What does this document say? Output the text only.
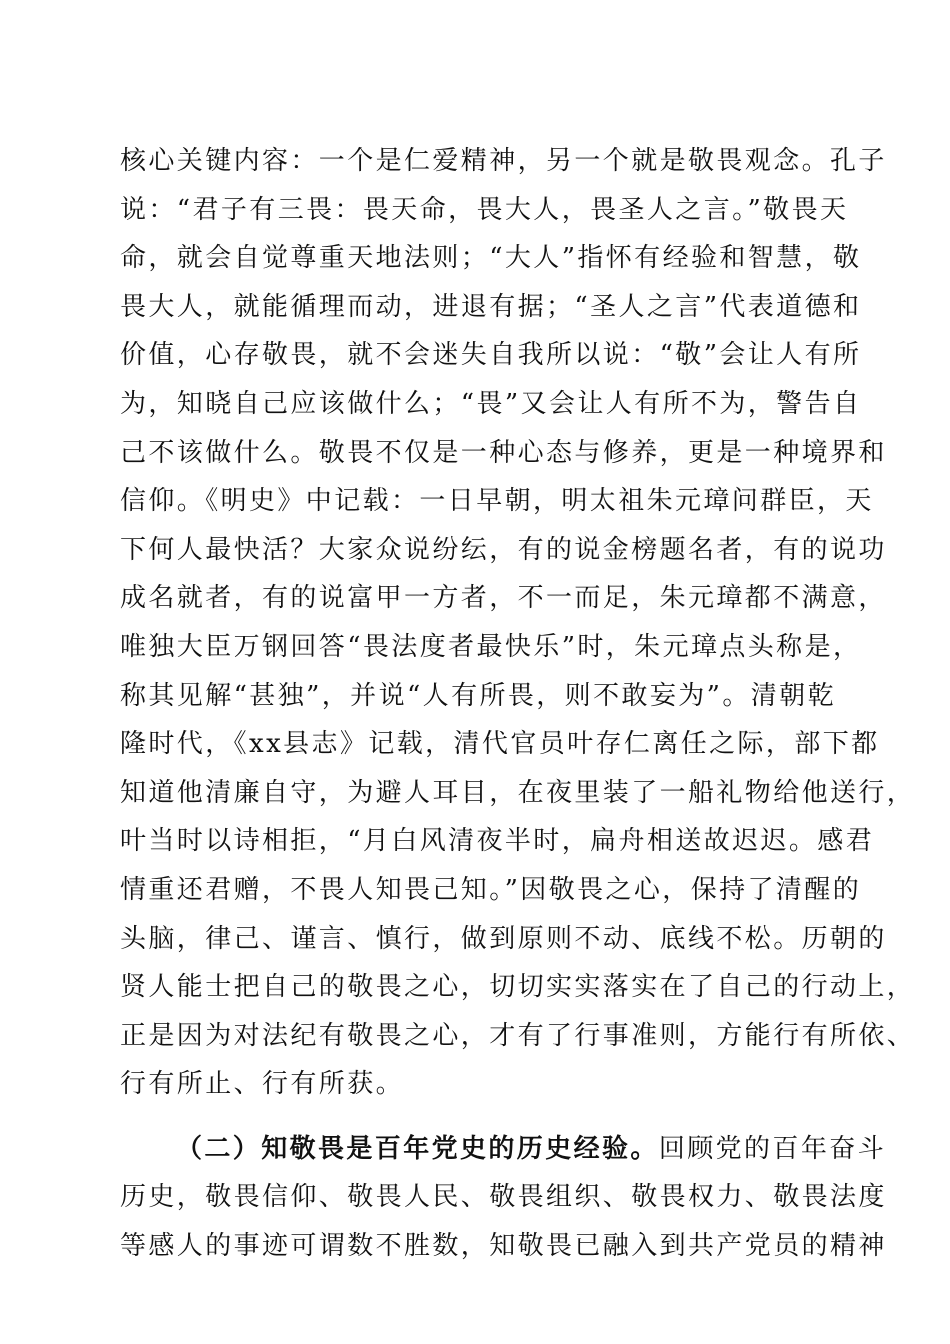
核心关键内容：一个是仁爱精神，另一个就是敬畏观念。孔子
说：“君子有三畏：畏天命，畏大人，畏圣人之言。”敬畏天
命，就会自觉尊重天地法则；“大人”指怀有经验和智慧，敬
畏大人，就能循理而动，进退有据；“圣人之言”代表道德和
价值，心存敬畏，就不会迷失自我所以说：“敬”会让人有所
为，知晓自己应该做什么；“畏”又会让人有所不为，警告自
己不该做什么。敬畏不仅是一种心态与修养，更是一种境界和
信仰。《明史》中记载：一日早朝，明太祖朱元璋问群臣，天
下何人最快活？大家众说纷纭，有的说金榜题名者，有的说功
成名就者，有的说富甲一方者，不一而足，朱元璋都不满意，
唯独大臣万钢回答“畏法度者最快乐”时，朱元璋点头称是，
称其见解“甚独”，并说“人有所畏，则不敢妄为”。清朝乾
隆时代，《xx县志》记载，清代官员叶存仁离任之际，部下都
知道他清廉自守，为避人耳目，在夜里装了一船礼物给他送行，
叶当时以诗相拒，“月白风清夜半时，扁舟相送故迟迟。感君
情重还君赠，不畏人知畏己知。”因敬畏之心，保持了清醒的
头脑，律己、谨言、慎行，做到原则不动、底线不松。历朝的
贤人能士把自己的敬畏之心，切切实实落实在了自己的行动上，
正是因为对法纪有敬畏之心，才有了行事准则，方能行有所依、
行有所止、行有所获。
（二）知敬畏是百年党史的历史经验。回顾党的百年奋斗
历史，敬畏信仰、敬畏人民、敬畏组织、敬畏权力、敬畏法度
等感人的事迹可谓数不胜数，知敬畏已融入到共产党员的精神
